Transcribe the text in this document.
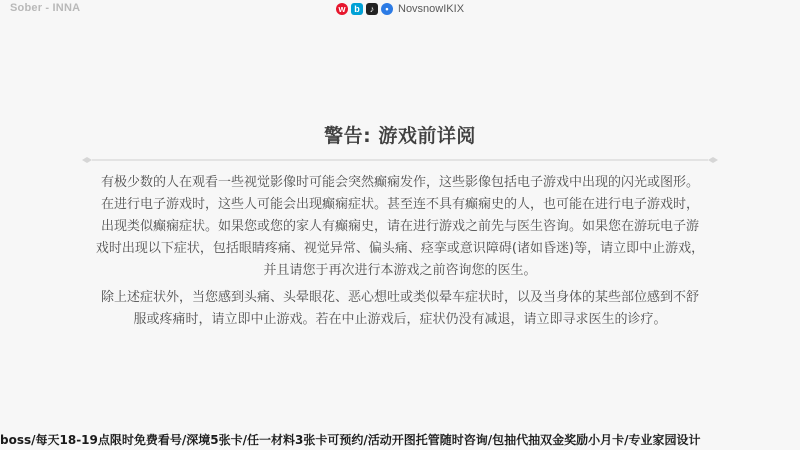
Sober - INNA	w b	♪	• NovsnowIKIX
警告: 游戏前详阅
有极少数的人在观看一些视觉影像时可能会突然癫痫发作，这些影像包括电子游戏中出现的闪光或图形。
在进行电子游戏时，这些人可能会出现癫痫症状。甚至连不具有癫痫史的人，也可能在进行电子游戏时，
出现类似癫痫症状。如果您或您的家人有癫痫史，请在进行游戏之前先与医生咨询。如果您在游玩电子游
戏时出现以下症状，包括眼睛疼痛、视觉异常、偏头痛、痉挛或意识障碍(诸如昏迷)等，请立即中止游戏，
并且请您于再次进行本游戏之前咨询您的医生。
除上述症状外，当您感到头痛、头晕眼花、恶心想吐或类似晕车症状时，以及当身体的某些部位感到不舒
服或疼痛时，请立即中止游戏。若在中止游戏后，症状仍没有减退，请立即寻求医生的诊疗。
boss/每天18-19点限时免费看号/深境5张卡/任一材料3张卡可预约/活动开图托管随时咨询/包抽代抽双金奖励小月卡/专业家园设计
